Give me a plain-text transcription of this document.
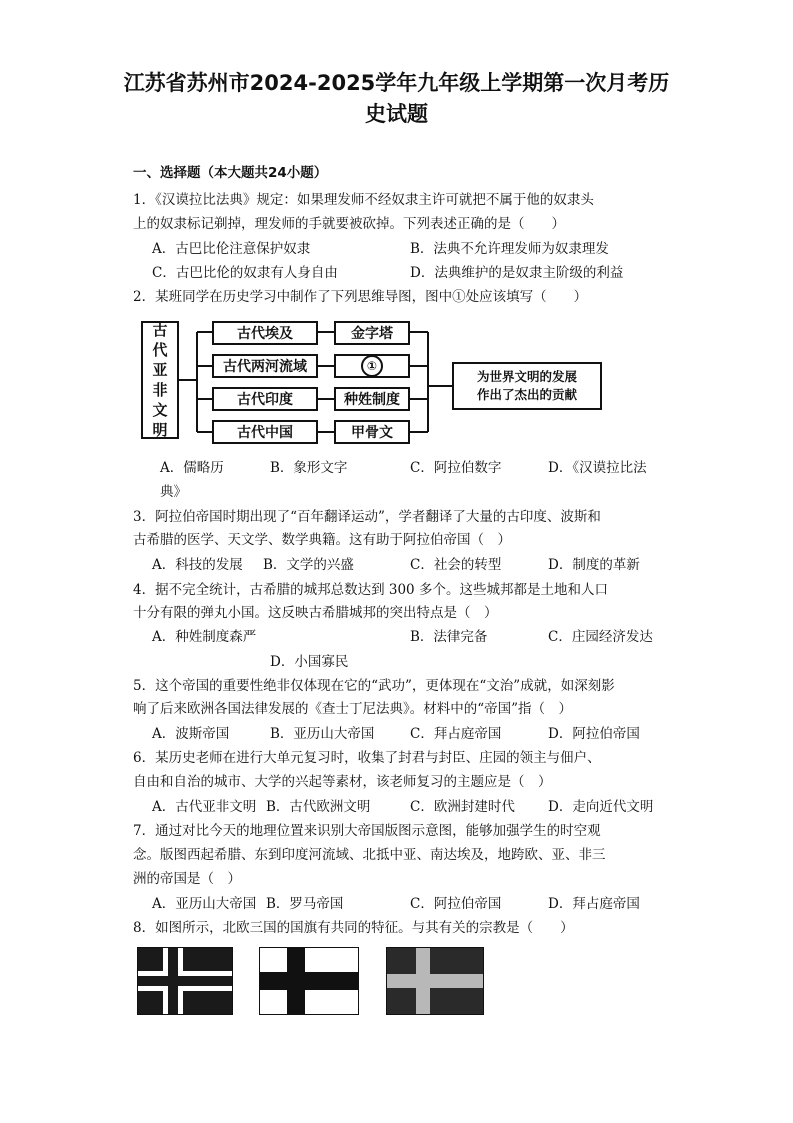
江苏省苏州市2024-2025学年九年级上学期第一次月考历
史试题
一、选择题（本大题共24小题）
1．《汉谟拉比法典》规定：如果理发师不经奴隶主许可就把不属于他的奴隶头
上的奴隶标记剃掉，理发师的手就要被砍掉。下列表述正确的是（　　）
A．古巴比伦注意保护奴隶	B．法典不允许理发师为奴隶理发
C．古巴比伦的奴隶有人身自由	D．法典维护的是奴隶主阶级的利益
2．某班同学在历史学习中制作了下列思维导图，图中①处应该填写（　　）
古
代
亚
非
文
明
古代埃及
古代两河流域
古代印度
古代中国
金字塔
①
种姓制度
甲骨文
为世界文明的发展
作出了杰出的贡献
A．儒略历	B．象形文字	C．阿拉伯数字	D．《汉谟拉比法
典》
3．阿拉伯帝国时期出现了“百年翻译运动”，学者翻译了大量的古印度、波斯和
古希腊的医学、天文学、数学典籍。这有助于阿拉伯帝国（　）
A．科技的发展 B．文学的兴盛	C．社会的转型	D．制度的革新
4．据不完全统计，古希腊的城邦总数达到 300 多个。这些城邦都是土地和人口
十分有限的弹丸小国。这反映古希腊城邦的突出特点是（　）
A．种姓制度森严	B．法律完备	C．庄园经济发达
D．小国寡民
5．这个帝国的重要性绝非仅体现在它的“武功”，更体现在“文治”成就，如深刻影
响了后来欧洲各国法律发展的《查士丁尼法典》。材料中的“帝国”指（　）
A．波斯帝国	B．亚历山大帝国	C．拜占庭帝国	D．阿拉伯帝国
6．某历史老师在进行大单元复习时，收集了封君与封臣、庄园的领主与佃户、
自由和自治的城市、大学的兴起等素材，该老师复习的主题应是（　）
A．古代亚非文明 B．古代欧洲文明	C．欧洲封建时代 D．走向近代文明
7．通过对比今天的地理位置来识别大帝国版图示意图，能够加强学生的时空观
念。版图西起希腊、东到印度河流域、北抵中亚、南达埃及，地跨欧、亚、非三
洲的帝国是（　）
A．亚历山大帝国 B．罗马帝国	C．阿拉伯帝国	D．拜占庭帝国
8．如图所示，北欧三国的国旗有共同的特征。与其有关的宗教是（　　）
